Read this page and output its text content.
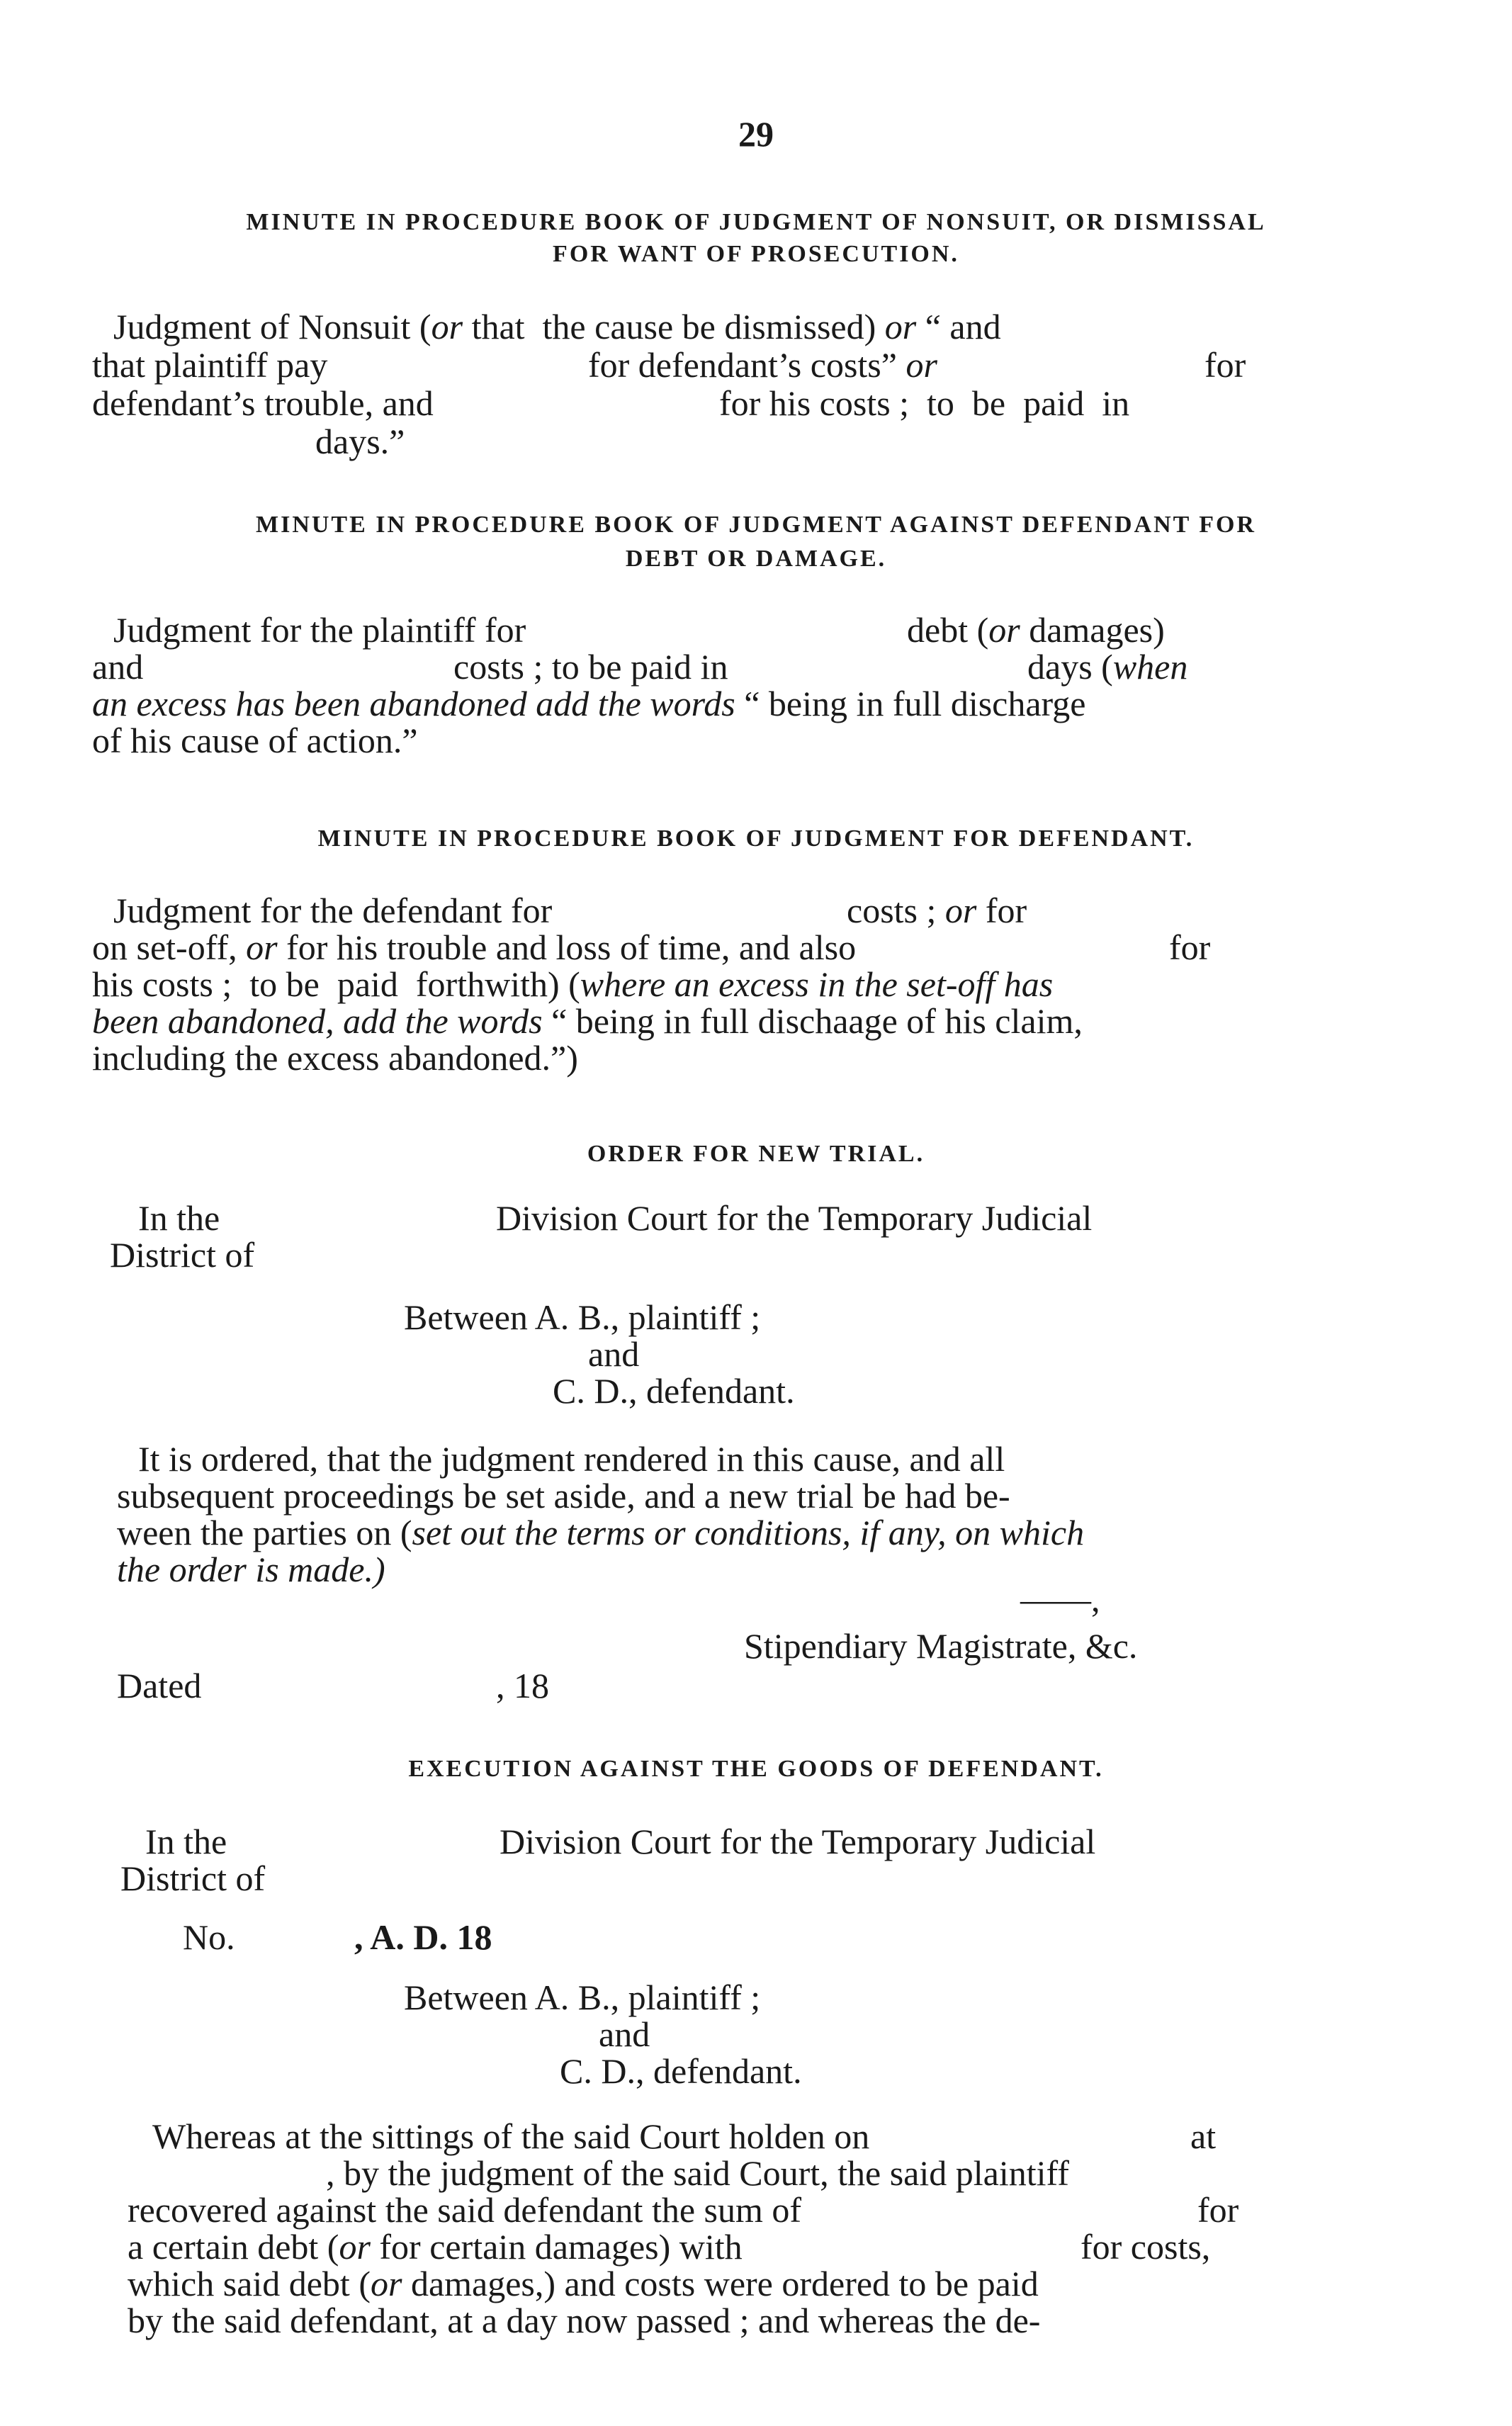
29
MINUTE IN PROCEDURE BOOK OF JUDGMENT OF NONSUIT, OR DISMISSAL
FOR WANT OF PROSECUTION.
Judgment of Nonsuit (or that  the cause be dismissed) or “ and
that plaintiff pay	for defendant’s costs” or	for
defendant’s trouble, and	for his costs ;  to  be  paid  in
days.”
MINUTE IN PROCEDURE BOOK OF JUDGMENT AGAINST DEFENDANT FOR
DEBT OR DAMAGE.
Judgment for the plaintiff for	debt (or damages)
and	costs ; to be paid in	days (when
an excess has been abandoned add the words “ being in full discharge
of his cause of action.”
MINUTE IN PROCEDURE BOOK OF JUDGMENT FOR DEFENDANT.
Judgment for the defendant for	costs ; or for
on set-off, or for his trouble and loss of time, and also	for
his costs ;  to be  paid  forthwith) (where an excess in the set-off has
been abandoned, add the words “ being in full dischaage of his claim,
including the excess abandoned.”)
ORDER FOR NEW TRIAL.
In the	Division Court for the Temporary Judicial
District of
Between A. B., plaintiff ;
and
C. D., defendant.
It is ordered, that the judgment rendered in this cause, and all
subsequent proceedings be set aside, and a new trial be had be-
ween the parties on (set out the terms or conditions, if any, on which
the order is made.)
——,
Stipendiary Magistrate, &c.
Dated	, 18
EXECUTION AGAINST THE GOODS OF DEFENDANT.
In the	Division Court for the Temporary Judicial
District of
No.	, A. D. 18
Between A. B., plaintiff ;
and
C. D., defendant.
Whereas at the sittings of the said Court holden on	at
, by the judgment of the said Court, the said plaintiff
recovered against the said defendant the sum of	for
a certain debt (or for certain damages) with	for costs,
which said debt (or damages,) and costs were ordered to be paid
by the said defendant, at a day now passed ; and whereas the de-
